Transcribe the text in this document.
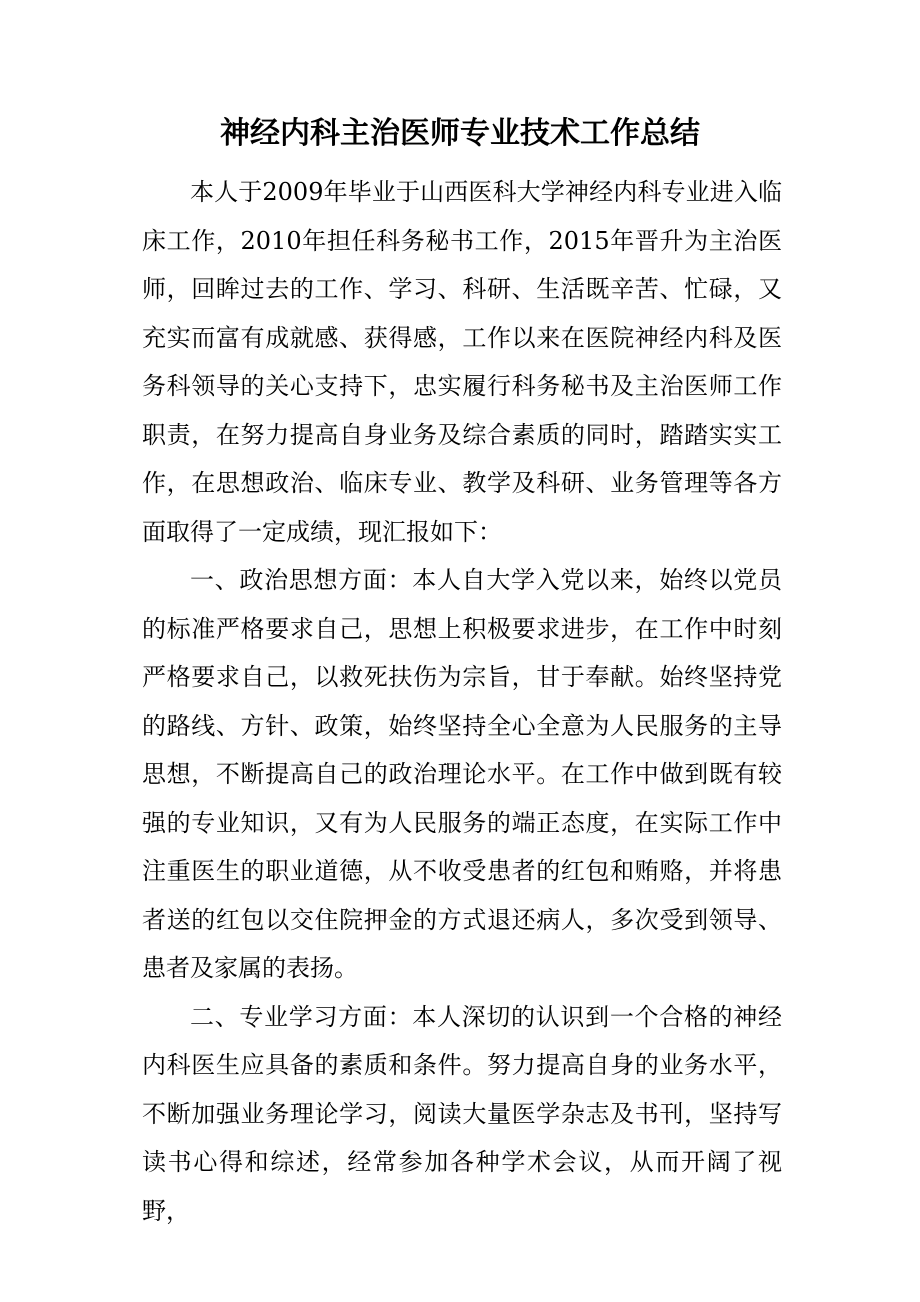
神经内科主治医师专业技术工作总结

本人于2009年毕业于山西医科大学神经内科专业进入临床工作，2010年担任科务秘书工作，2015年晋升为主治医师，回眸过去的工作、学习、科研、生活既辛苦、忙碌，又充实而富有成就感、获得感，工作以来在医院神经内科及医务科领导的关心支持下，忠实履行科务秘书及主治医师工作职责，在努力提高自身业务及综合素质的同时，踏踏实实工作，在思想政治、临床专业、教学及科研、业务管理等各方面取得了一定成绩，现汇报如下：

一、政治思想方面：本人自大学入党以来，始终以党员的标准严格要求自己，思想上积极要求进步，在工作中时刻严格要求自己，以救死扶伤为宗旨，甘于奉献。始终坚持党的路线、方针、政策，始终坚持全心全意为人民服务的主导思想，不断提高自己的政治理论水平。在工作中做到既有较强的专业知识，又有为人民服务的端正态度，在实际工作中注重医生的职业道德，从不收受患者的红包和贿赂，并将患者送的红包以交住院押金的方式退还病人，多次受到领导、患者及家属的表扬。

二、专业学习方面：本人深切的认识到一个合格的神经内科医生应具备的素质和条件。努力提高自身的业务水平，不断加强业务理论学习，阅读大量医学杂志及书刊，坚持写读书心得和综述，经常参加各种学术会议，从而开阔了视野，
